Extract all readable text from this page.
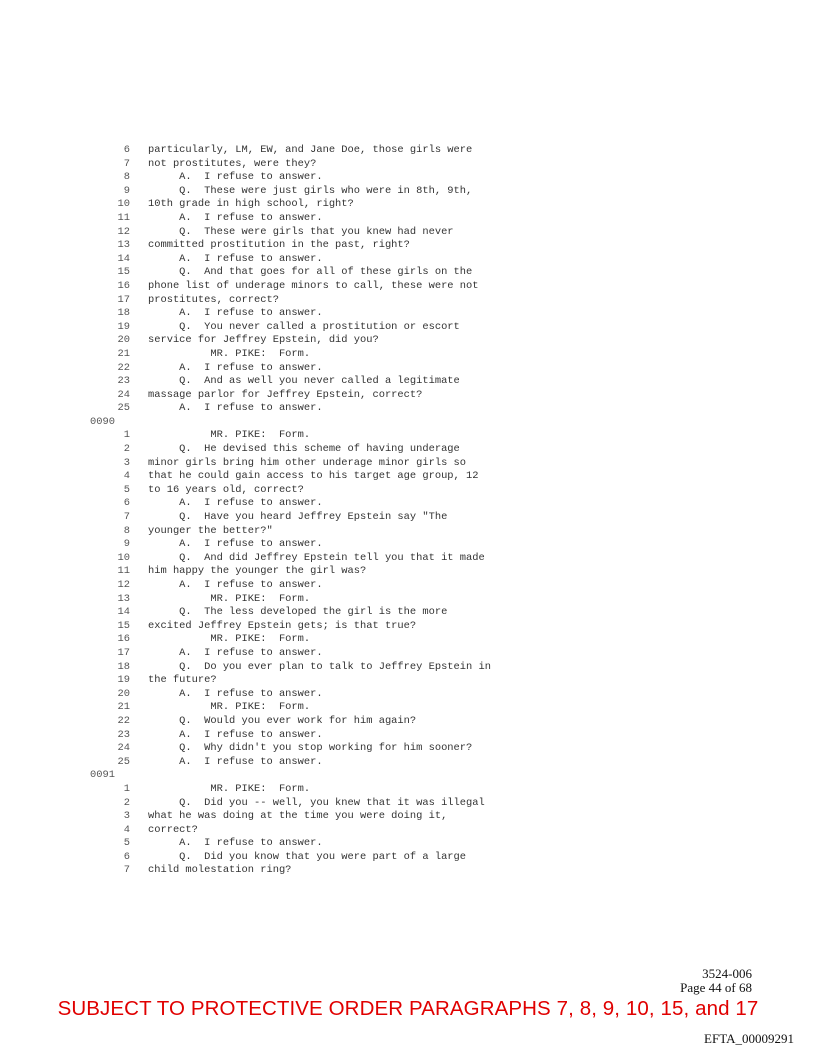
6	particularly, LM, EW, and Jane Doe, those girls were
7	not prostitutes, were they?
8	A.  I refuse to answer.
9	Q.  These were just girls who were in 8th, 9th,
10	10th grade in high school, right?
11	A.  I refuse to answer.
12	Q.  These were girls that you knew had never
13	committed prostitution in the past, right?
14	A.  I refuse to answer.
15	Q.  And that goes for all of these girls on the
16	phone list of underage minors to call, these were not
17	prostitutes, correct?
18	A.  I refuse to answer.
19	Q.  You never called a prostitution or escort
20	service for Jeffrey Epstein, did you?
21	MR. PIKE:  Form.
22	A.  I refuse to answer.
23	Q.  And as well you never called a legitimate
24	massage parlor for Jeffrey Epstein, correct?
25	A.  I refuse to answer.
0090
1	MR. PIKE:  Form.
2	Q.  He devised this scheme of having underage
3	minor girls bring him other underage minor girls so
4	that he could gain access to his target age group, 12
5	to 16 years old, correct?
6	A.  I refuse to answer.
7	Q.  Have you heard Jeffrey Epstein say "The
8	younger the better?"
9	A.  I refuse to answer.
10	Q.  And did Jeffrey Epstein tell you that it made
11	him happy the younger the girl was?
12	A.  I refuse to answer.
13	MR. PIKE:  Form.
14	Q.  The less developed the girl is the more
15	excited Jeffrey Epstein gets; is that true?
16	MR. PIKE:  Form.
17	A.  I refuse to answer.
18	Q.  Do you ever plan to talk to Jeffrey Epstein in
19	the future?
20	A.  I refuse to answer.
21	MR. PIKE:  Form.
22	Q.  Would you ever work for him again?
23	A.  I refuse to answer.
24	Q.  Why didn't you stop working for him sooner?
25	A.  I refuse to answer.
0091
1	MR. PIKE:  Form.
2	Q.  Did you -- well, you knew that it was illegal
3	what he was doing at the time you were doing it,
4	correct?
5	A.  I refuse to answer.
6	Q.  Did you know that you were part of a large
7	child molestation ring?
3524-006
Page 44 of 68
SUBJECT TO PROTECTIVE ORDER PARAGRAPHS 7, 8, 9, 10, 15, and 17
EFTA_00009291
